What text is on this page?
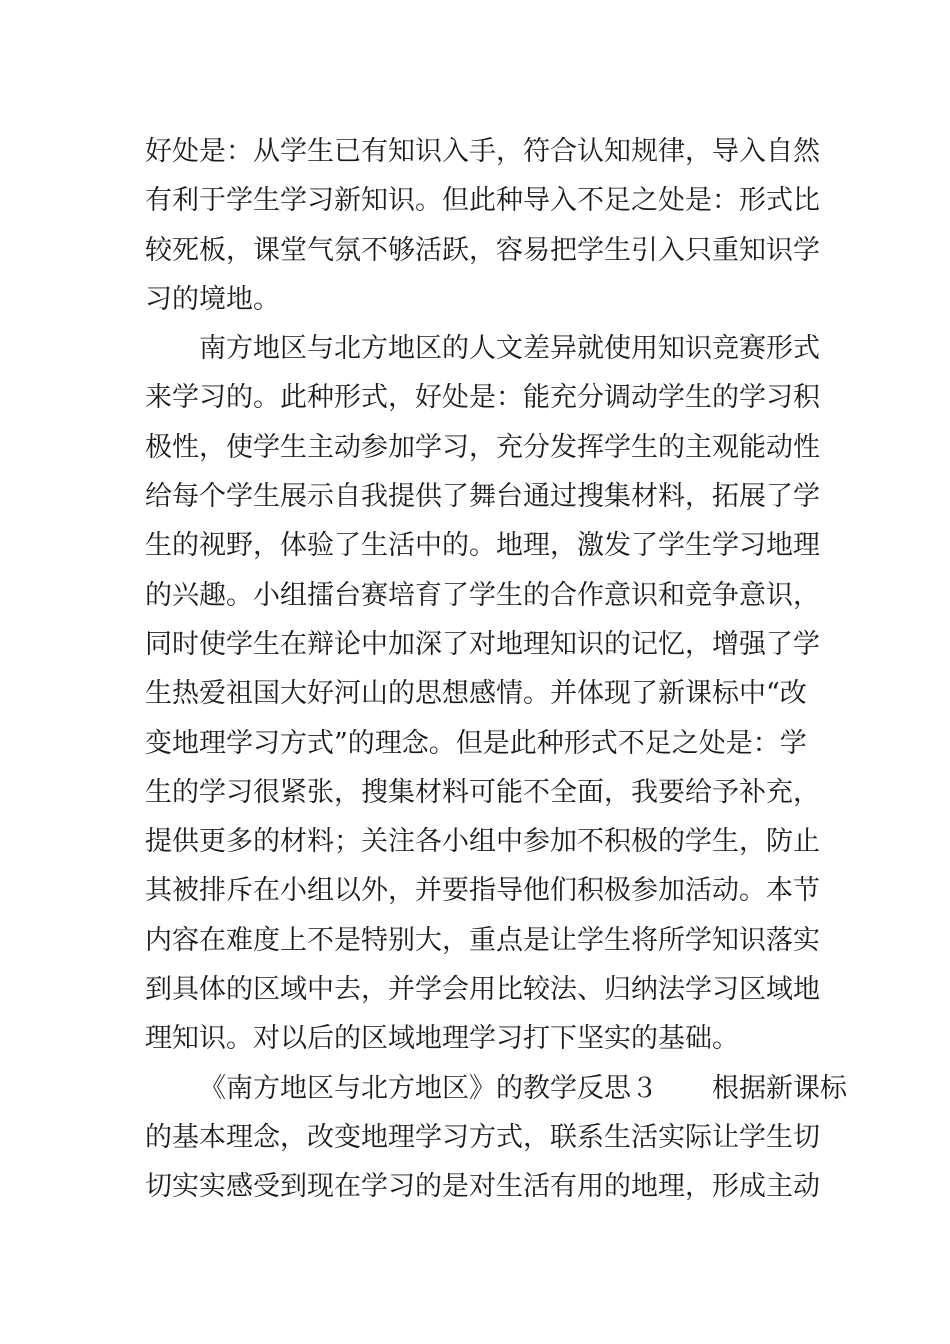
好处是：从学生已有知识入手，符合认知规律，导入自然
有利于学生学习新知识。但此种导入不足之处是：形式比
较死板，课堂气氛不够活跃，容易把学生引入只重知识学
习的境地。
南方地区与北方地区的人文差异就使用知识竞赛形式
来学习的。此种形式，好处是：能充分调动学生的学习积
极性，使学生主动参加学习，充分发挥学生的主观能动性
给每个学生展示自我提供了舞台通过搜集材料，拓展了学
生的视野，体验了生活中的。地理，激发了学生学习地理
的兴趣。小组擂台赛培育了学生的合作意识和竞争意识，
同时使学生在辩论中加深了对地理知识的记忆，增强了学
生热爱祖国大好河山的思想感情。并体现了新课标中“改
变地理学习方式”的理念。但是此种形式不足之处是：学
生的学习很紧张，搜集材料可能不全面，我要给予补充，
提供更多的材料；关注各小组中参加不积极的学生，防止
其被排斥在小组以外，并要指导他们积极参加活动。本节
内容在难度上不是特别大，重点是让学生将所学知识落实
到具体的区域中去，并学会用比较法、归纳法学习区域地
理知识。对以后的区域地理学习打下坚实的基础。
《南方地区与北方地区》的教学反思３　　根据新课标
的基本理念，改变地理学习方式，联系生活实际让学生切
切实实感受到现在学习的是对生活有用的地理，形成主动
